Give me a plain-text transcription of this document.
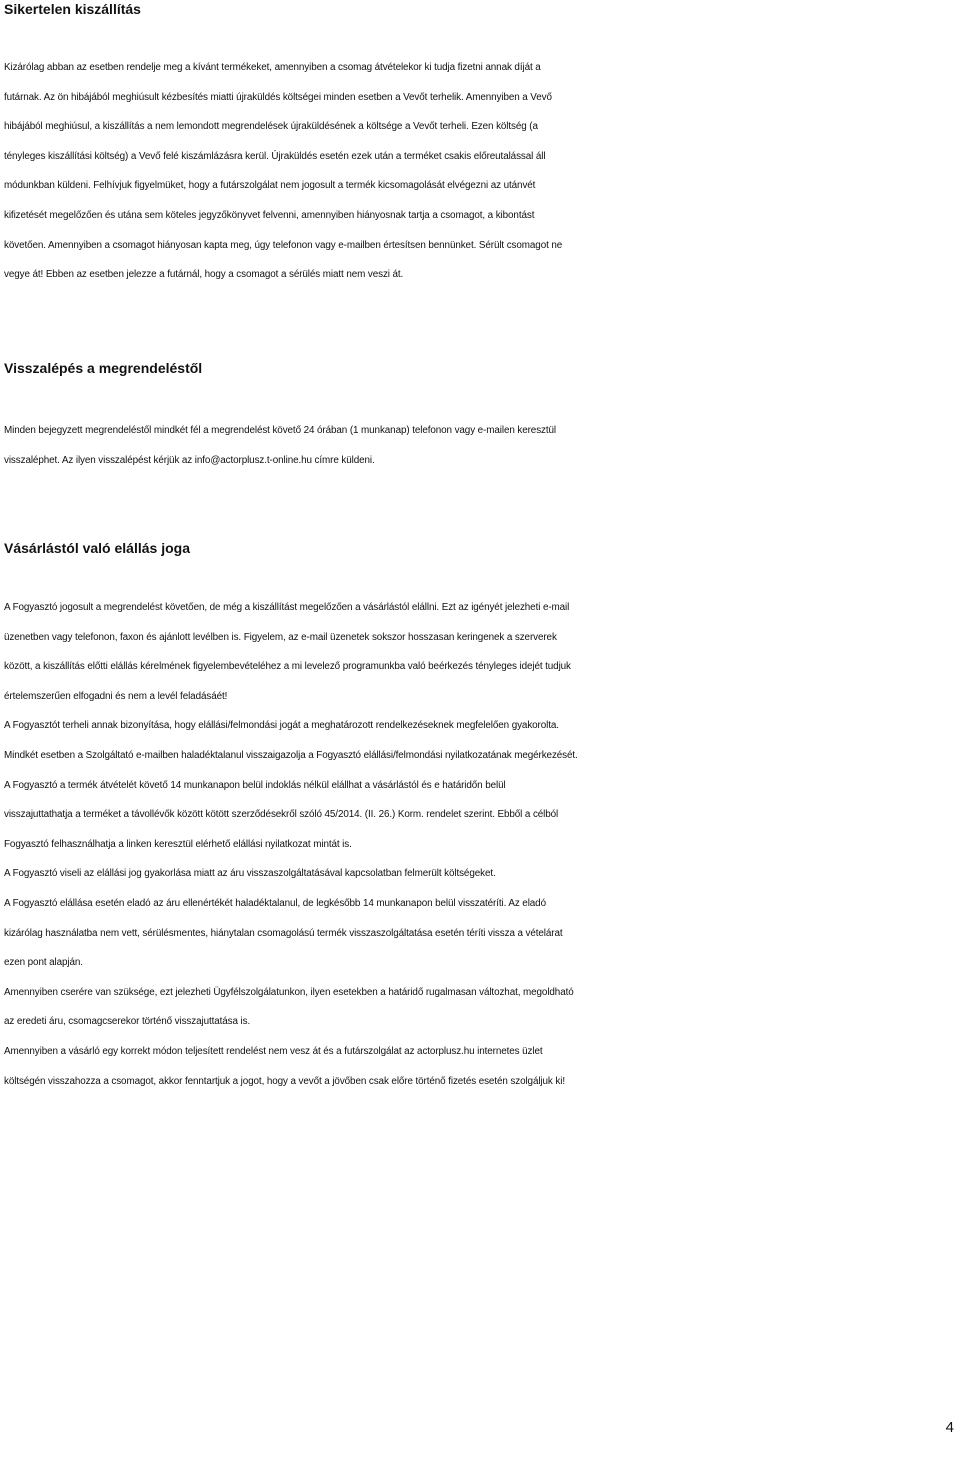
Sikertelen kiszállítás
Kizárólag abban az esetben rendelje meg a kívánt termékeket, amennyiben a csomag átvételekor ki tudja fizetni annak díját a
futárnak. Az ön hibájából meghiúsult kézbesítés miatti újraküldés költségei minden esetben a Vevőt terhelik. Amennyiben a Vevő
hibájából meghiúsul, a kiszállítás a nem lemondott megrendelések újraküldésének a költsége a Vevőt terheli. Ezen költség (a
tényleges kiszállítási költség) a Vevő felé kiszámlázásra kerül. Újraküldés esetén ezek után a terméket csakis előreutalással áll
módunkban küldeni. Felhívjuk figyelmüket, hogy a futárszolgálat nem jogosult a termék kicsomagolását elvégezni az utánvét
kifizetését megelőzően és utána sem köteles jegyzőkönyvet felvenni, amennyiben hiányosnak tartja a csomagot, a kibontást
követően. Amennyiben a csomagot hiányosan kapta meg, úgy telefonon vagy e-mailben értesítsen bennünket. Sérült csomagot ne
vegye át! Ebben az esetben jelezze a futárnál, hogy a csomagot a sérülés miatt nem veszi át.
Visszalépés a megrendeléstől
Minden bejegyzett megrendeléstől mindkét fél a megrendelést követő 24 órában (1 munkanap) telefonon vagy e-mailen keresztül
visszaléphet. Az ilyen visszalépést kérjük az info@actorplusz.t-online.hu címre küldeni.
Vásárlástól való elállás joga
A Fogyasztó jogosult a megrendelést követően, de még a kiszállítást megelőzően a vásárlástól elállni. Ezt az igényét jelezheti e-mail
üzenetben vagy telefonon, faxon és ajánlott levélben is. Figyelem, az e-mail üzenetek sokszor hosszasan keringenek a szerverek
között, a kiszállítás előtti elállás kérelmének figyelembevételéhez a mi levelező programunkba való beérkezés tényleges idejét tudjuk
értelemszerűen elfogadni és nem a levél feladásáét!
A Fogyasztót terheli annak bizonyítása, hogy elállási/felmondási jogát a meghatározott rendelkezéseknek megfelelően gyakorolta.
Mindkét esetben a Szolgáltató e-mailben haladéktalanul visszaigazolja a Fogyasztó elállási/felmondási nyilatkozatának megérkezését.
A Fogyasztó a termék átvételét követő 14 munkanapon belül indoklás nélkül elállhat a vásárlástól és e határidőn belül
visszajuttathatja a terméket a távollévők között kötött szerződésekről szóló 45/2014. (II. 26.) Korm. rendelet szerint. Ebből a célból
Fogyasztó felhasználhatja a linken keresztül elérhető elállási nyilatkozat mintát is.
A Fogyasztó viseli az elállási jog gyakorlása miatt az áru visszaszolgáltatásával kapcsolatban felmerült költségeket.
A Fogyasztó elállása esetén eladó az áru ellenértékét haladéktalanul, de legkésőbb 14 munkanapon belül visszatéríti. Az eladó
kizárólag használatba nem vett, sérülésmentes, hiánytalan csomagolású termék visszaszolgáltatása esetén téríti vissza a vételárat
ezen pont alapján.
Amennyiben cserére van szüksége, ezt jelezheti Ügyfélszolgálatunkon, ilyen esetekben a határidő rugalmasan változhat, megoldható
az eredeti áru, csomagcserekor történő visszajuttatása is.
Amennyiben a vásárló egy korrekt módon teljesített rendelést nem vesz át és a futárszolgálat az actorplusz.hu internetes üzlet
költségén visszahozza a csomagot, akkor fenntartjuk a jogot, hogy a vevőt a jövőben csak előre történő fizetés esetén szolgáljuk ki!
4
